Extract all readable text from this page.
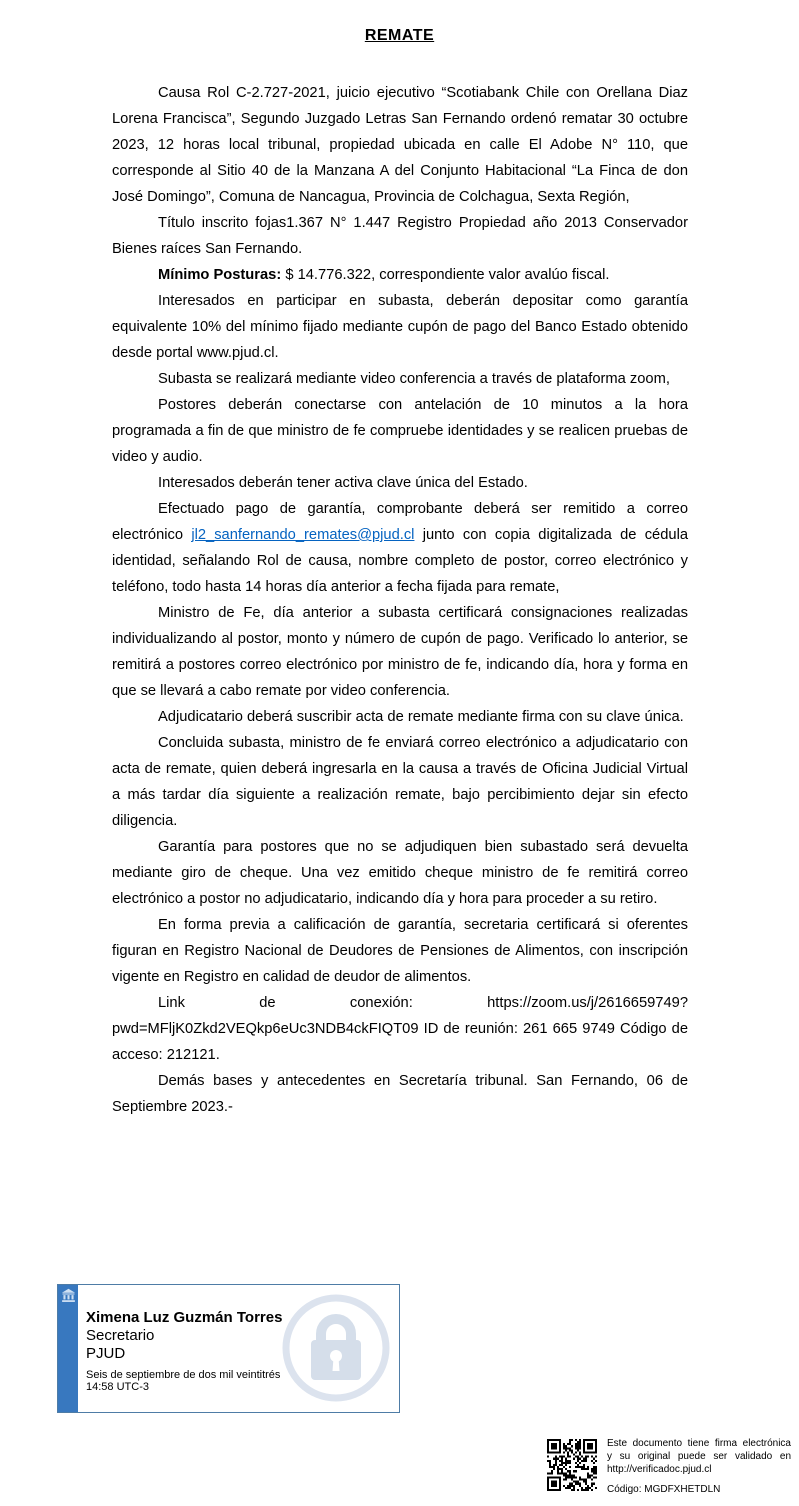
REMATE

Causa Rol C-2.727-2021, juicio ejecutivo “Scotiabank Chile con Orellana Diaz Lorena Francisca”, Segundo Juzgado Letras San Fernando ordenó rematar 30 octubre 2023, 12 horas local tribunal, propiedad ubicada en calle El Adobe N° 110, que corresponde al Sitio 40 de la Manzana A del Conjunto Habitacional “La Finca de don José Domingo”, Comuna de Nancagua, Provincia de Colchagua, Sexta Región,

Título inscrito fojas1.367 N° 1.447 Registro Propiedad año 2013 Conservador Bienes raíces San Fernando.

Mínimo Posturas: $ 14.776.322, correspondiente valor avalúo fiscal.

Interesados en participar en subasta, deberán depositar como garantía equivalente 10% del mínimo fijado mediante cupón de pago del Banco Estado obtenido desde portal www.pjud.cl.

Subasta se realizará mediante video conferencia a través de plataforma zoom,

Postores deberán conectarse con antelación de 10 minutos a la hora programada a fin de que ministro de fe compruebe identidades y se realicen pruebas de video y audio.

Interesados deberán tener activa clave única del Estado.

Efectuado pago de garantía, comprobante deberá ser remitido a correo electrónico jl2_sanfernando_remates@pjud.cl junto con copia digitalizada de cédula identidad, señalando Rol de causa, nombre completo de postor, correo electrónico y teléfono, todo hasta 14 horas día anterior a fecha fijada para remate,

Ministro de Fe, día anterior a subasta certificará consignaciones realizadas individualizando al postor, monto y número de cupón de pago. Verificado lo anterior, se remitirá a postores correo electrónico por ministro de fe, indicando día, hora y forma en que se llevará a cabo remate por video conferencia.

Adjudicatario deberá suscribir acta de remate mediante firma con su clave única.

Concluida subasta, ministro de fe enviará correo electrónico a adjudicatario con acta de remate, quien deberá ingresarla en la causa a través de Oficina Judicial Virtual a más tardar día siguiente a realización remate, bajo percibimiento dejar sin efecto diligencia.

Garantía para postores que no se adjudiquen bien subastado será devuelta mediante giro de cheque. Una vez emitido cheque ministro de fe remitirá correo electrónico a postor no adjudicatario, indicando día y hora para proceder a su retiro.

En forma previa a calificación de garantía, secretaria certificará si oferentes figuran en Registro Nacional de Deudores de Pensiones de Alimentos, con inscripción vigente en Registro en calidad de deudor de alimentos.

Link de conexión: https://zoom.us/j/2616659749?pwd=MFljK0Zkd2VEQkp6eUc3NDB4ckFIQT09 ID de reunión: 261 665 9749 Código de acceso: 212121.

Demás bases y antecedentes en Secretaría tribunal. San Fernando, 06 de Septiembre 2023.-

Ximena Luz Guzmán Torres
Secretario
PJUD
Seis de septiembre de dos mil veintitrés
14:58 UTC-3
Este documento tiene firma electrónica
y su original puede ser validado en
http://verificadoc.pjud.cl
Código: MGDFXHETDLN
